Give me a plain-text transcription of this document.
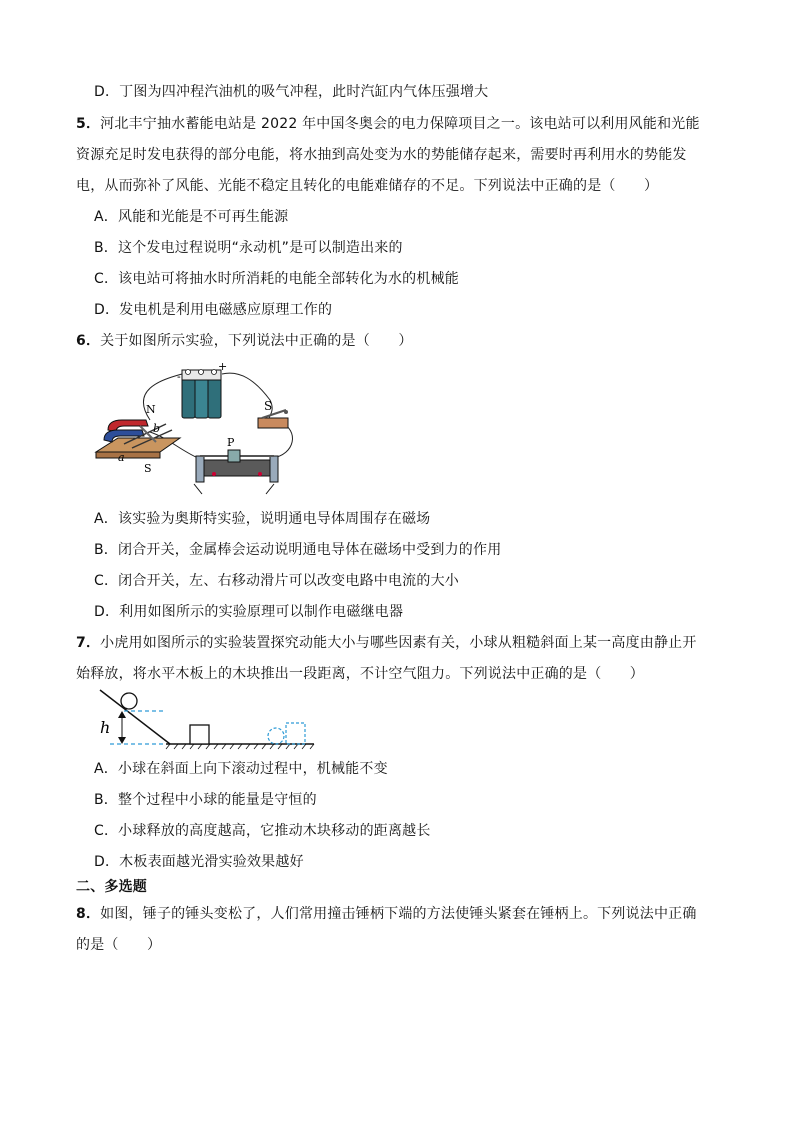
D．丁图为四冲程汽油机的吸气冲程，此时汽缸内气体压强增大
5．河北丰宁抽水蓄能电站是 2022 年中国冬奥会的电力保障项目之一。该电站可以利用风能和光能
资源充足时发电获得的部分电能，将水抽到高处变为水的势能储存起来，需要时再利用水的势能发
电，从而弥补了风能、光能不稳定且转化的电能难储存的不足。下列说法中正确的是（　　）
A．风能和光能是不可再生能源
B．这个发电过程说明“永动机”是可以制造出来的
C．该电站可将抽水时所消耗的电能全部转化为水的机械能
D．发电机是利用电磁感应原理工作的
6．关于如图所示实验，下列说法中正确的是（　　）
-
+
S
N
b
a
S
P
A．该实验为奥斯特实验，说明通电导体周围存在磁场
B．闭合开关，金属棒会运动说明通电导体在磁场中受到力的作用
C．闭合开关，左、右移动滑片可以改变电路中电流的大小
D．利用如图所示的实验原理可以制作电磁继电器
7．小虎用如图所示的实验装置探究动能大小与哪些因素有关，小球从粗糙斜面上某一高度由静止开
始释放，将水平木板上的木块推出一段距离，不计空气阻力。下列说法中正确的是（　　）
h
A．小球在斜面上向下滚动过程中，机械能不变
B．整个过程中小球的能量是守恒的
C．小球释放的高度越高，它推动木块移动的距离越长
D．木板表面越光滑实验效果越好
二、多选题
8．如图，锤子的锤头变松了，人们常用撞击锤柄下端的方法使锤头紧套在锤柄上。下列说法中正确
的是（　　）
